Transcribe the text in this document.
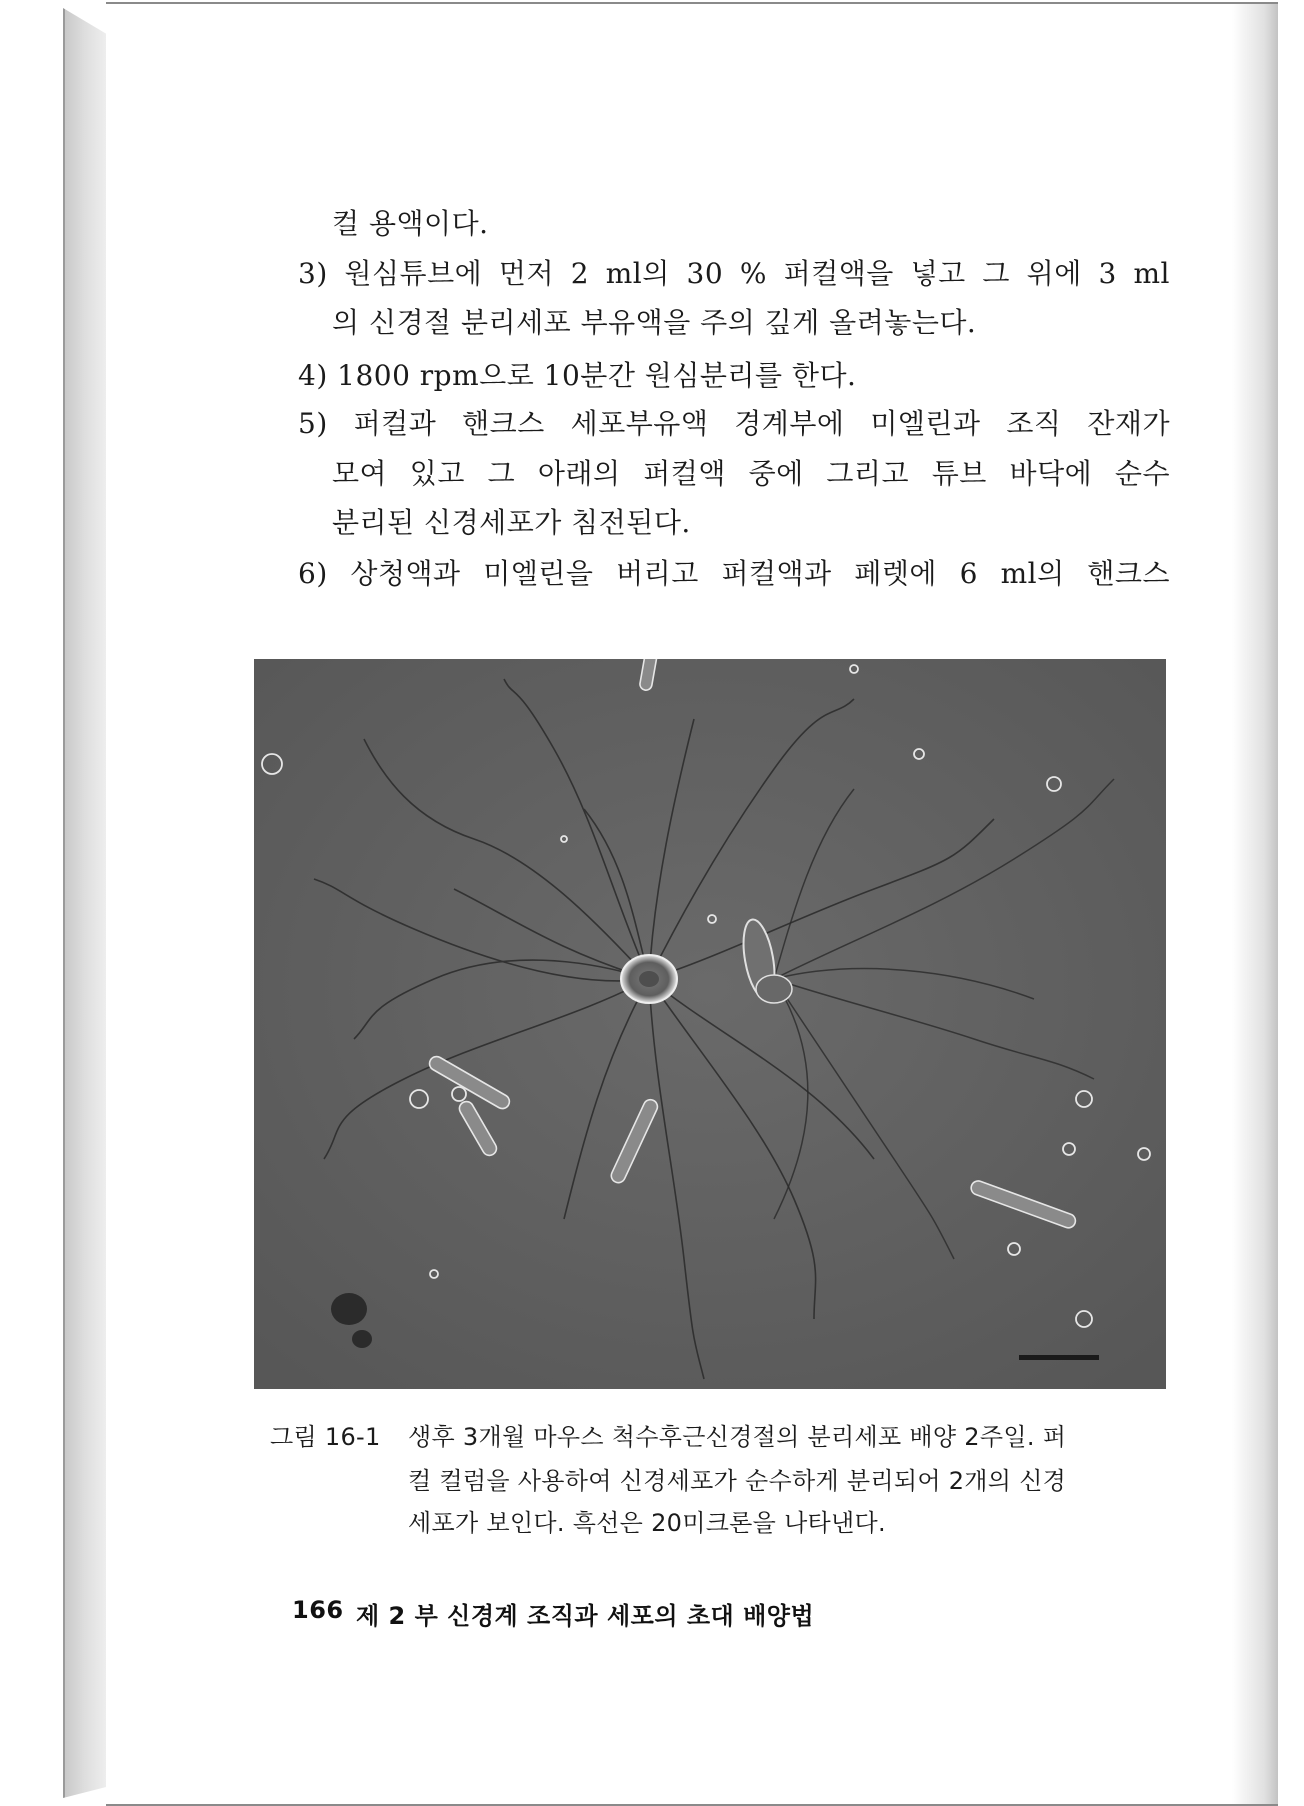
컬 용액이다.
3) 원심튜브에 먼저 2 ml의 30 % 퍼컬액을 넣고 그 위에 3 ml
의 신경절 분리세포 부유액을 주의 깊게 올려놓는다.
4) 1800 rpm으로 10분간 원심분리를 한다.
5) 퍼컬과 핸크스 세포부유액 경계부에 미엘린과 조직 잔재가
모여 있고 그 아래의 퍼컬액 중에 그리고 튜브 바닥에 순수
분리된 신경세포가 침전된다.
6) 상청액과 미엘린을 버리고 퍼컬액과 페렛에 6 ml의 핸크스
그림 16-1 생후 3개월 마우스 척수후근신경절의 분리세포 배양 2주일. 퍼
컬 컬럼을 사용하여 신경세포가 순수하게 분리되어 2개의 신경
세포가 보인다. 흑선은 20미크론을 나타낸다.
166 제 2 부 신경계 조직과 세포의 초대 배양법
